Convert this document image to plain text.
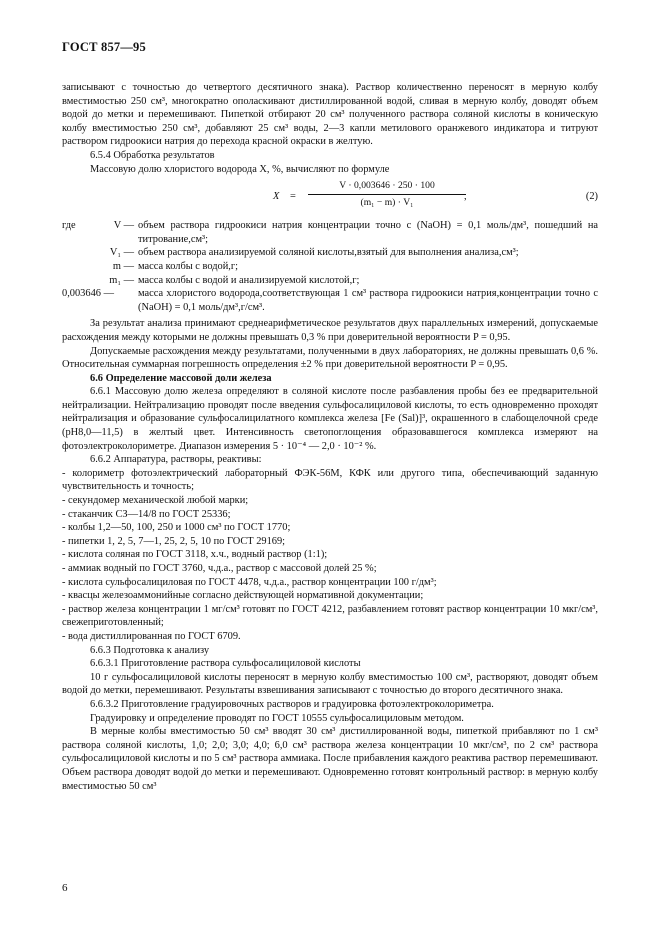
ГОСТ 857—95

записывают с точностью до четвертого десятичного знака). Раствор количественно переносят в мерную колбу вместимостью 250 см³, многократно ополаскивают дистиллированной водой, сливая в мерную колбу, доводят объем водой до метки и перемешивают. Пипеткой отбирают 20 см³ полученного раствора соляной кислоты в коническую колбу вместимостью 250 см³, добавляют 25 см³ воды, 2—3 капли метилового оранжевого индикатора и титруют раствором гидроокиси натрия до перехода красной окраски в желтую.

6.5.4 Обработка результатов

Массовую долю хлористого водорода X, %, вычисляют по формуле

$X = \frac{V \cdot 0,003646 \cdot 250 \cdot 100}{\text{(m₁ − m) · V₁}}$
,	(2)
где	V — объем раствора гидроокиси натрия концентрации точно c (NaOH) = 0,1 моль/дм³, пошедший на титрование,см³;
V₁ — объем раствора анализируемой соляной кислоты,взятый для выполнения анализа,см³;
m — масса колбы с водой,г;
m₁ — масса колбы с водой и анализируемой кислотой,г;
0,003646 —	масса хлористого водорода,соответствующая 1 см³ раствора гидроокиси натрия,концентрации точно c (NaOH) = 0,1 моль/дм³,г/см³.

За результат анализа принимают среднеарифметическое результатов двух параллельных измерений, допускаемые расхождения между которыми не должны превышать 0,3 % при доверительной вероятности P = 0,95.

Допускаемые расхождения между результатами, полученными в двух лабораториях, не должны превышать 0,6 %. Относительная суммарная погрешность определения ±2 % при доверительной вероятности P = 0,95.

6.6 Определение массовой доли железа

6.6.1 Массовую долю железа определяют в соляной кислоте после разбавления пробы без ее предварительной нейтрализации. Нейтрализацию проводят после введения сульфосалициловой кислоты, то есть одновременно проходят нейтрализация и образование сульфосалицилатного комплекса железа [Fe (Sal)]³, окрашенного в слабощелочной среде (pH8,0—11,5) в желтый цвет. Интенсивность светопоглощения образовавшегося комплекса измеряют на фотоэлектроколориметре. Диапазон измерения 5 · 10⁻⁴ — 2,0 · 10⁻² %.

6.6.2 Аппаратура, растворы, реактивы:

- колориметр фотоэлектрический лабораторный ФЭК-56М, КФК или другого типа, обеспечивающий заданную чувствительность и точность;

- секундомер механической любой марки;

- стаканчик СЗ—14/8 по ГОСТ 25336;

- колбы 1,2—50, 100, 250 и 1000 см³ по ГОСТ 1770;

- пипетки 1, 2, 5, 7—1, 25, 2, 5, 10 по ГОСТ 29169;

- кислота соляная по ГОСТ 3118, х.ч., водный раствор (1:1);

- аммиак водный по ГОСТ 3760, ч.д.а., раствор с массовой долей 25 %;

- кислота сульфосалициловая по ГОСТ 4478, ч.д.а., раствор концентрации 100 г/дм³;

- квасцы железоаммонийные согласно действующей нормативной документации;

- раствор железа концентрации 1 мг/см³ готовят по ГОСТ 4212, разбавлением готовят раствор концентрации 10 мкг/см³, свежеприготовленный;

- вода дистиллированная по ГОСТ 6709.

6.6.3 Подготовка к анализу

6.6.3.1 Приготовление раствора сульфосалициловой кислоты

10 г сульфосалициловой кислоты переносят в мерную колбу вместимостью 100 см³, растворяют, доводят объем водой до метки, перемешивают. Результаты взвешивания записывают с точностью до второго десятичного знака.

6.6.3.2 Приготовление градуировочных растворов и градуировка фотоэлектроколориметра.

Градуировку и определение проводят по ГОСТ 10555 сульфосалициловым методом.

В мерные колбы вместимостью 50 см³ вводят 30 см³ дистиллированной воды, пипеткой прибавляют по 1 см³ раствора соляной кислоты, 1,0; 2,0; 3,0; 4,0; 6,0 см³ раствора железа концентрации 10 мкг/см³, по 2 см³ раствора сульфосалициловой кислоты и по 5 см³ раствора аммиака. После прибавления каждого реактива раствор перемешивают. Объем раствора доводят водой до метки и перемешивают. Одновременно готовят контрольный раствор: в мерную колбу вместимостью 50 см³

6
